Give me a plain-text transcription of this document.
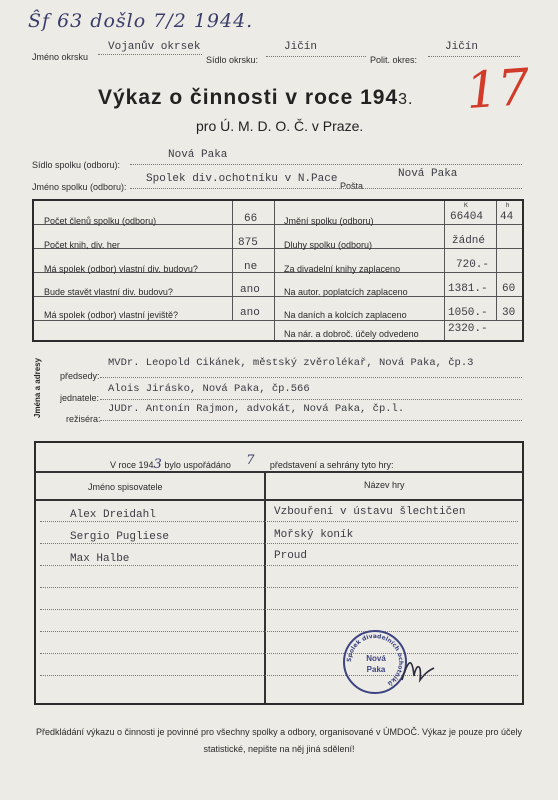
Ŝf 63 došlo 7/2 1944.
Jméno okrsku
Vojanův okrsek
Sídlo okrsku:
Jičín
Polit. okres:
Jičín
Výkaz o činnosti v roce 1943. 17
pro Ú. M. D. O. Č. v Praze.
Sídlo spolku (odboru):
Nová Paka
Jméno spolku (odboru):
Spolek div.ochotníku v N.Pace
Pošta
Nová Paka
K	h
Počet členů spolku (odboru)	66
Počet knih, div. her	875
Má spolek (odbor) vlastní div. budovu?	ne
Bude stavět vlastní div. budovu?	ano
Má spolek (odbor) vlastní jeviště?	ano
Jmění spolku (odboru)	66404 44
Dluhy spolku (odboru)	žádné
Za divadelní knihy zaplaceno	720.-
Na autor. poplatcích zaplaceno	1381.- 60
Na daních a kolcích zaplaceno	1050.- 30
Na nár. a dobroč. účely odvedeno	2320.-
Jména a adresy předsedy:
MVDr. Leopold Cikánek, městský zvěrolékař, Nová Paka, čp.3
jednatele:
Alois Jirásko, Nová Paka, čp.566
režiséra:
JUDr. Antonín Rajmon, advokát, Nová Paka, čp.l.
V roce 1943 bylo uspořádáno 7 představení a sehrány tyto hry:
Jméno spisovatele	Název hry
Alex Dreidahl	Vzbouření v ústavu šlechtičen
Sergio Pugliese	Mořský koník
Max Halbe	Proud
Spolek divadelních ochotníků
Nová
Paka
Předkládání výkazu o činnosti je povinné pro všechny spolky a odbory, organisované v ÚMDOČ. Výkaz je pouze pro účely statistické, nepište na něj jiná sdělení!
